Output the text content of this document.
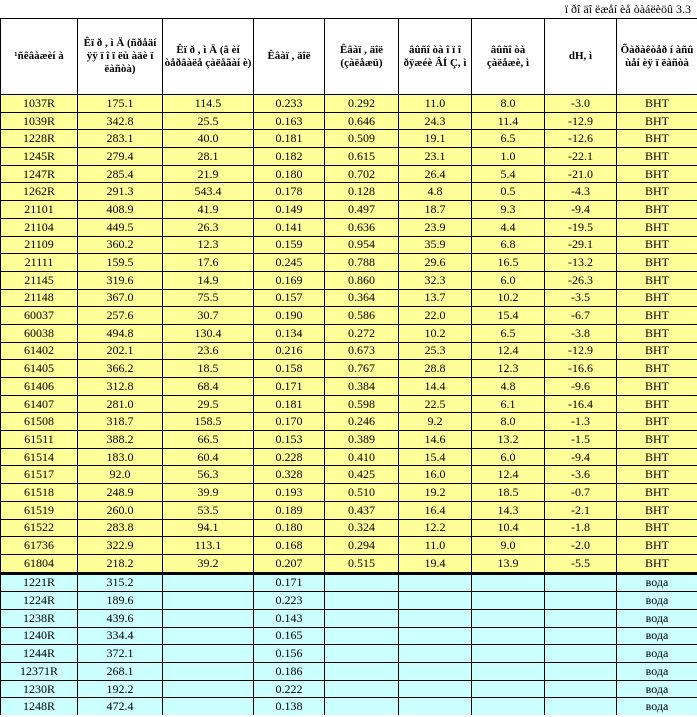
ï ðî äî ëæåí èå òàáëèöû 3.3
¹ñêâàæèí à	Êï ð , ì Ä (ñðåäí ÿÿ ï î ï ëù àäè ï ëàñòà)	Êï ð , ì Ä (â èí òåðâàëå çàëåãàí è)	Êâàï , äîë	Êâàï , äîë (çàëåæü)	âûñî òà î ï î ðÿæéè ÂÍ Ç, ì	âûñî òà çàëåæè, ì	dH, ì	Õàðàêòåð í àñû ùåí èÿ ï ëàñòà
1037R	175.1	114.5	0.233	0.292	11.0	8.0	-3.0	BHT
1039R	342.8	25.5	0.163	0.646	24.3	11.4	-12.9	BHT
1228R	283.1	40.0	0.181	0.509	19.1	6.5	-12.6	BHT
1245R	279.4	28.1	0.182	0.615	23.1	1.0	-22.1	BHT
1247R	285.4	21.9	0.180	0.702	26.4	5.4	-21.0	BHT
1262R	291.3	543.4	0.178	0.128	4.8	0.5	-4.3	BHT
21101	408.9	41.9	0.149	0.497	18.7	9.3	-9.4	BHT
21104	449.5	26.3	0.141	0.636	23.9	4.4	-19.5	BHT
21109	360.2	12.3	0.159	0.954	35.9	6.8	-29.1	BHT
21111	159.5	17.6	0.245	0.788	29.6	16.5	-13.2	BHT
21145	319.6	14.9	0.169	0.860	32.3	6.0	-26.3	BHT
21148	367.0	75.5	0.157	0.364	13.7	10.2	-3.5	BHT
60037	257.6	30.7	0.190	0.586	22.0	15.4	-6.7	BHT
60038	494.8	130.4	0.134	0.272	10.2	6.5	-3.8	BHT
61402	202.1	23.6	0.216	0.673	25.3	12.4	-12.9	BHT
61405	366.2	18.5	0.158	0.767	28.8	12.3	-16.6	BHT
61406	312.8	68.4	0.171	0.384	14.4	4.8	-9.6	BHT
61407	281.0	29.5	0.181	0.598	22.5	6.1	-16.4	BHT
61508	318.7	158.5	0.170	0.246	9.2	8.0	-1.3	BHT
61511	388.2	66.5	0.153	0.389	14.6	13.2	-1.5	BHT
61514	183.0	60.4	0.228	0.410	15.4	6.0	-9.4	BHT
61517	92.0	56.3	0.328	0.425	16.0	12.4	-3.6	BHT
61518	248.9	39.9	0.193	0.510	19.2	18.5	-0.7	BHT
61519	260.0	53.5	0.189	0.437	16.4	14.3	-2.1	BHT
61522	283.8	94.1	0.180	0.324	12.2	10.4	-1.8	BHT
61736	322.9	113.1	0.168	0.294	11.0	9.0	-2.0	BHT
61804	218.2	39.2	0.207	0.515	19.4	13.9	-5.5	BHT
1221R	315.2		0.171					вода
1224R	189.6		0.223					вода
1238R	439.6		0.143					вода
1240R	334.4		0.165					вода
1244R	372.1		0.156					вода
12371R	268.1		0.186					вода
1230R	192.2		0.222					вода
1248R	472.4		0.138					вода
